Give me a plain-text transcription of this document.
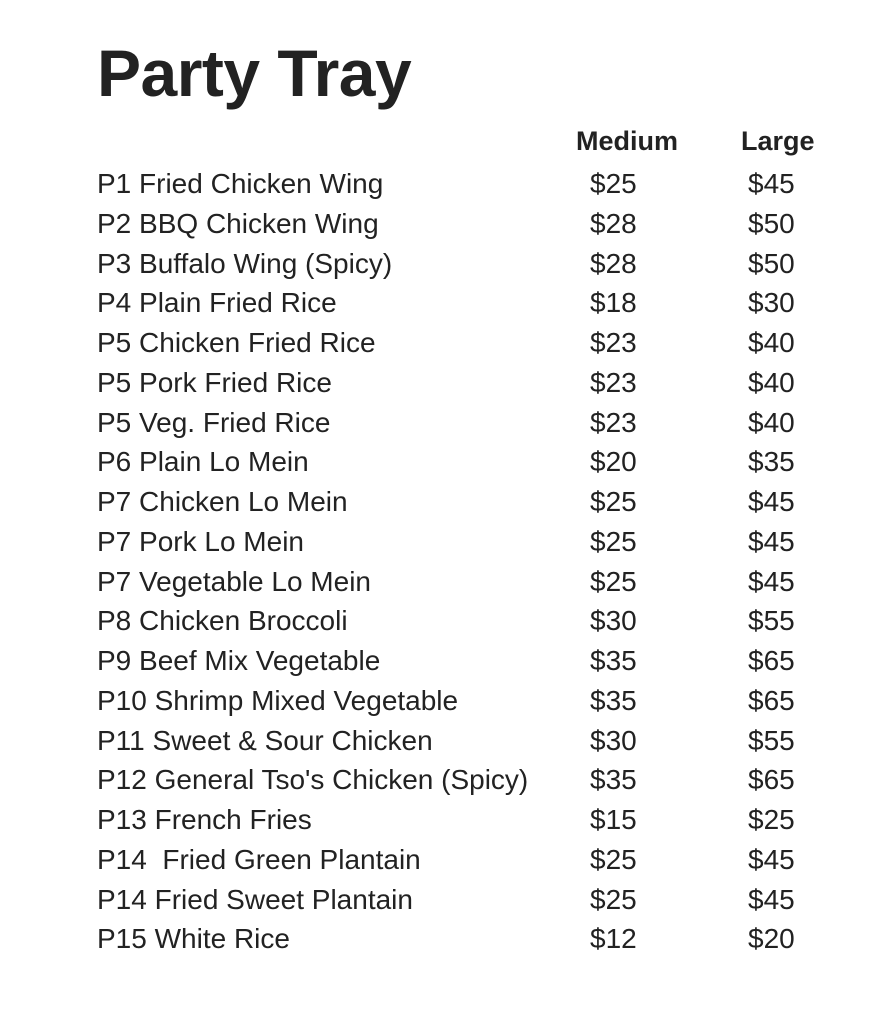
Party Tray
Medium Large
P1 Fried Chicken Wing	$25	$45
P2 BBQ Chicken Wing	$28	$50
P3 Buffalo Wing (Spicy)	$28	$50
P4 Plain Fried Rice	$18	$30
P5 Chicken Fried Rice	$23	$40
P5 Pork Fried Rice	$23	$40
P5 Veg. Fried Rice	$23	$40
P6 Plain Lo Mein	$20	$35
P7 Chicken Lo Mein	$25	$45
P7 Pork Lo Mein	$25	$45
P7 Vegetable Lo Mein	$25	$45
P8 Chicken Broccoli	$30	$55
P9 Beef Mix Vegetable	$35	$65
P10 Shrimp Mixed Vegetable	$35	$65
P11 Sweet & Sour Chicken	$30	$55
P12 General Tso's Chicken (Spicy) $35	$65
P13 French Fries	$15	$25
P14  Fried Green Plantain	$25	$45
P14 Fried Sweet Plantain	$25	$45
P15 White Rice	$12	$20
